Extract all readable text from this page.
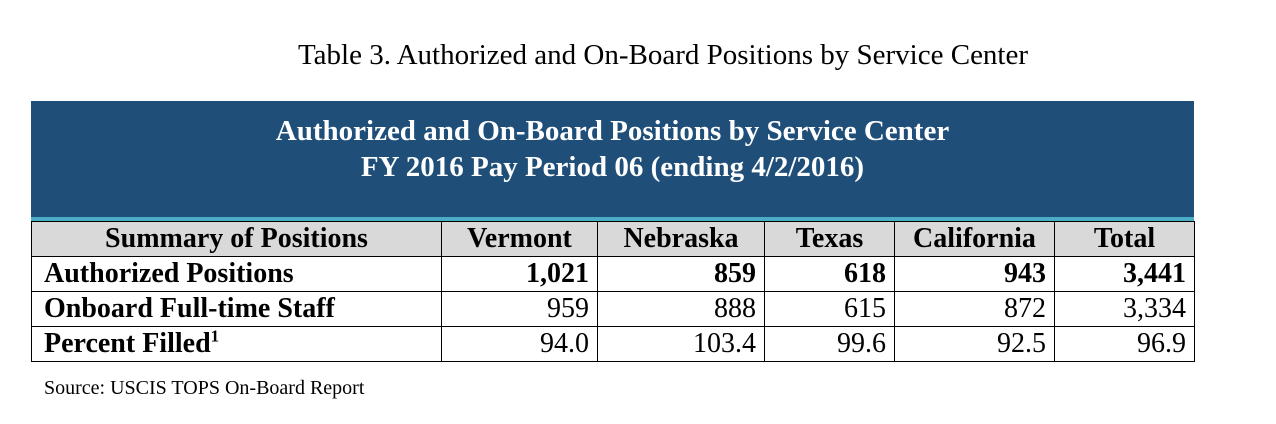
Table 3. Authorized and On-Board Positions by Service Center
Authorized and On-Board Positions by Service Center
FY 2016 Pay Period 06 (ending 4/2/2016)
Summary of Positions	Vermont	Nebraska	Texas	California	Total
Authorized Positions	1,021	859	618	943	3,441
Onboard Full-time Staff	959	888	615	872	3,334
Percent Filled$^1$	94.0	103.4	99.6	92.5	96.9
Source: USCIS TOPS On-Board Report
